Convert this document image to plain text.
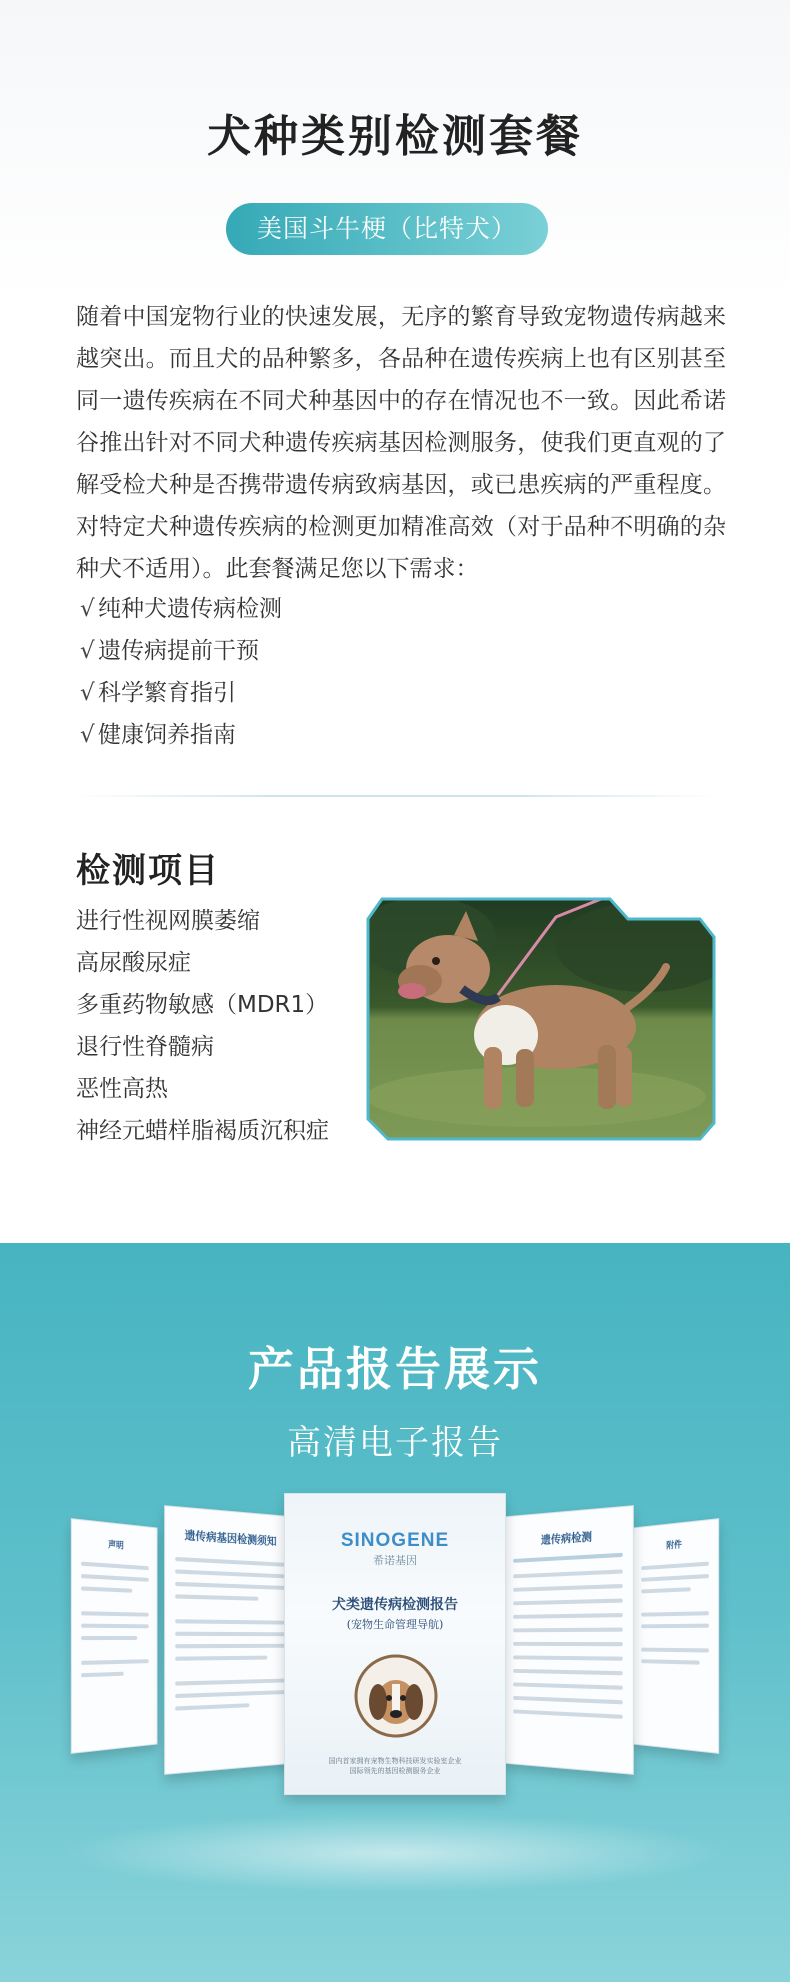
犬种类别检测套餐
美国斗牛梗（比特犬）

随着中国宠物行业的快速发展，无序的繁育导致宠物遗传病越来越突出。而且犬的品种繁多，各品种在遗传疾病上也有区别甚至同一遗传疾病在不同犬种基因中的存在情况也不一致。因此希诺谷推出针对不同犬种遗传疾病基因检测服务，使我们更直观的了解受检犬种是否携带遗传病致病基因，或已患疾病的严重程度。对特定犬种遗传疾病的检测更加精准高效（对于品种不明确的杂种犬不适用）。此套餐满足您以下需求：

√ 纯种犬遗传病检测
√ 遗传病提前干预
√ 科学繁育指引
√ 健康饲养指南
检测项目
进行性视网膜萎缩
高尿酸尿症
多重药物敏感（MDR1）
退行性脊髓病
恶性高热
神经元蜡样脂褐质沉积症
产品报告展示
高清电子报告
声明	遗传病基因检测须知	附件
遗传病检测
SINOGENE
希诺基因
犬类遗传病检测报告
(宠物生命管理导航)
国内首家拥有宠物生物科技研发实验室企业
国际领先的基因检测服务企业
